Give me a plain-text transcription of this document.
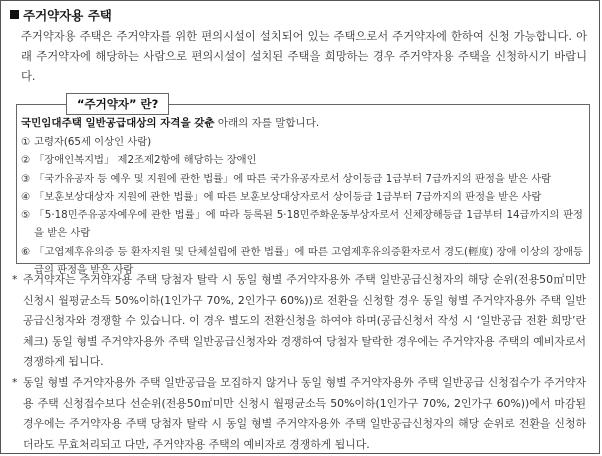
주거약자용 주택

주거약자용 주택은 주거약자를 위한 편의시설이 설치되어 있는 주택으로서 주거약자에 한하여 신청 가능합니다. 아래 주거약자에 해당하는 사람으로 편의시설이 설치된 주택을 희망하는 경우 주거약자용 주택을 신청하시기 바랍니다.

“주거약자” 란?
국민임대주택 일반공급대상의 자격을 갖춘 아래의 자를 말합니다.
① 고령자(65세 이상인 사람)
② 「장애인복지법」 제2조제2항에 해당하는 장애인
③ 「국가유공자 등 예우 및 지원에 관한 법률」에 따른 국가유공자로서 상이등급 1급부터 7급까지의 판정을 받은 사람
④ 「보훈보상대상자 지원에 관한 법률」에 따른 보훈보상대상자로서 상이등급 1급부터 7급까지의 판정을 받은 사람
⑤ 「5·18민주유공자예우에 관한 법률」에 따라 등록된 5·18민주화운동부상자로서 신체장해등급 1급부터 14급까지의 판정을 받은 사람
⑥ 「고엽제후유의증 등 환자지원 및 단체설립에 관한 법률」에 따른 고엽제후유의증환자로서 경도(輕度) 장애 이상의 장애등급의 판정을 받은 사람
* 주거약자는 주거약자용 주택 당첨자 탈락 시 동일 형별 주거약자용外 주택 일반공급신청자의 해당 순위(전용50㎡미만 신청시 월평균소득 50%이하(1인가구 70%, 2인가구 60%))로 전환을 신청할 경우 동일 형별 주거약자용外 주택 일반공급신청자와 경쟁할 수 있습니다. 이 경우 별도의 전환신청을 하여야 하며(공급신청서 작성 시 ‘일반공급 전환 희망’란 체크) 동일 형별 주거약자용外 주택 일반공급신청자와 경쟁하여 당첨자 탈락한 경우에는 주거약자용 주택의 예비자로서 경쟁하게 됩니다.
* 동일 형별 주거약자용外 주택 일반공급을 모집하지 않거나 동일 형별 주거약자용外 주택 일반공급 신청접수가 주거약자용 주택 신청접수보다 선순위(전용50㎡미만 신청시 월평균소득 50%이하(1인가구 70%, 2인가구 60%))에서 마감된 경우에는 주거약자용 주택 당첨자 탈락 시 동일 형별 주거약자용外 주택 일반공급신청자의 해당 순위로 전환을 신청하더라도 무효처리되고 다만, 주거약자용 주택의 예비자로 경쟁하게 됩니다.
